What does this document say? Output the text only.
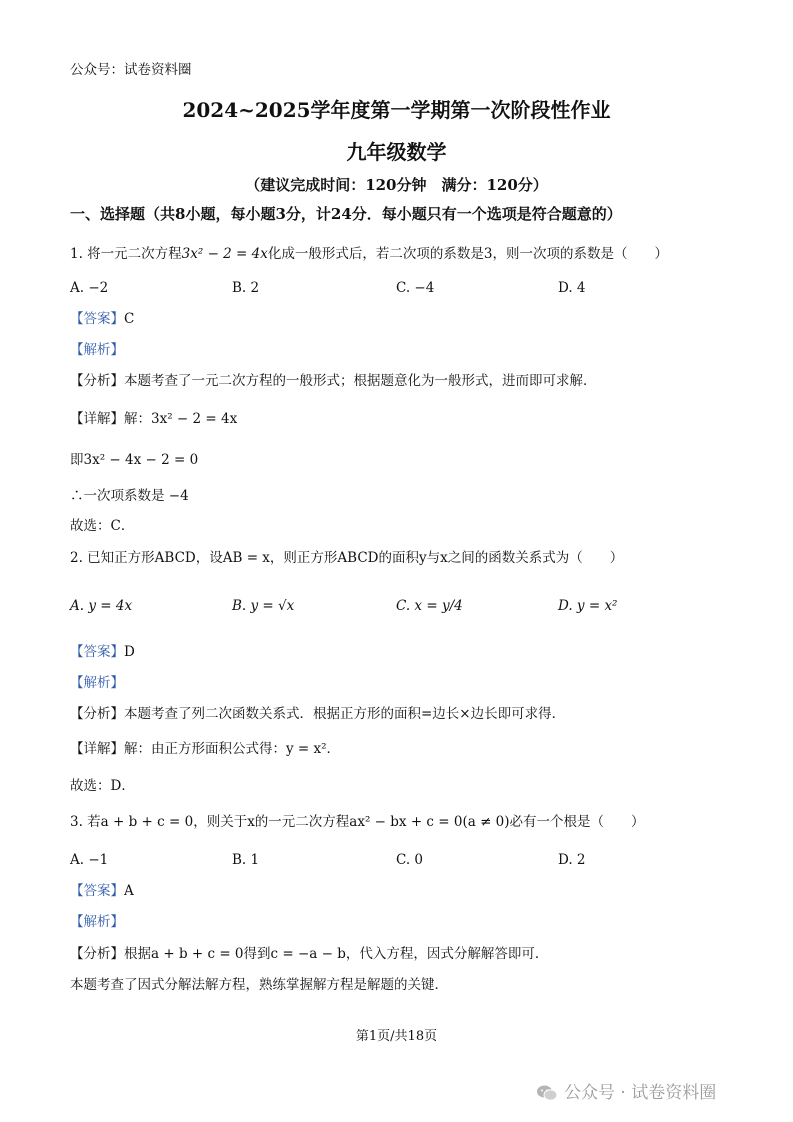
公众号：试卷资料圈
2024~2025学年度第一学期第一次阶段性作业
九年级数学
（建议完成时间：120分钟　满分：120分）
一、选择题（共8小题，每小题3分，计24分．每小题只有一个选项是符合题意的）
1. 将一元二次方程3x² − 2 = 4x化成一般形式后，若二次项的系数是3，则一次项的系数是（　　）
A. −2	B. 2	C. −4	D. 4
【答案】C
【解析】
【分析】本题考查了一元二次方程的一般形式；根据题意化为一般形式，进而即可求解．
【详解】解：3x² − 2 = 4x
即3x² − 4x − 2 = 0
∴一次项系数是 −4
故选：C．
2. 已知正方形ABCD，设AB = x，则正方形ABCD的面积y与x之间的函数关系式为（　　）
A. y = 4x	B. y = √x	C. x = y/4	D. y = x²
【答案】D
【解析】
【分析】本题考查了列二次函数关系式．根据正方形的面积=边长×边长即可求得．
【详解】解：由正方形面积公式得：y = x²．
故选：D．
3. 若a + b + c = 0，则关于x的一元二次方程ax² − bx + c = 0(a ≠ 0)必有一个根是（　　）
A. −1	B. 1	C. 0	D. 2
【答案】A
【解析】
【分析】根据a + b + c = 0得到c = −a − b，代入方程，因式分解解答即可．
本题考查了因式分解法解方程，熟练掌握解方程是解题的关键．
第1页/共18页
公众号 · 试卷资料圈
